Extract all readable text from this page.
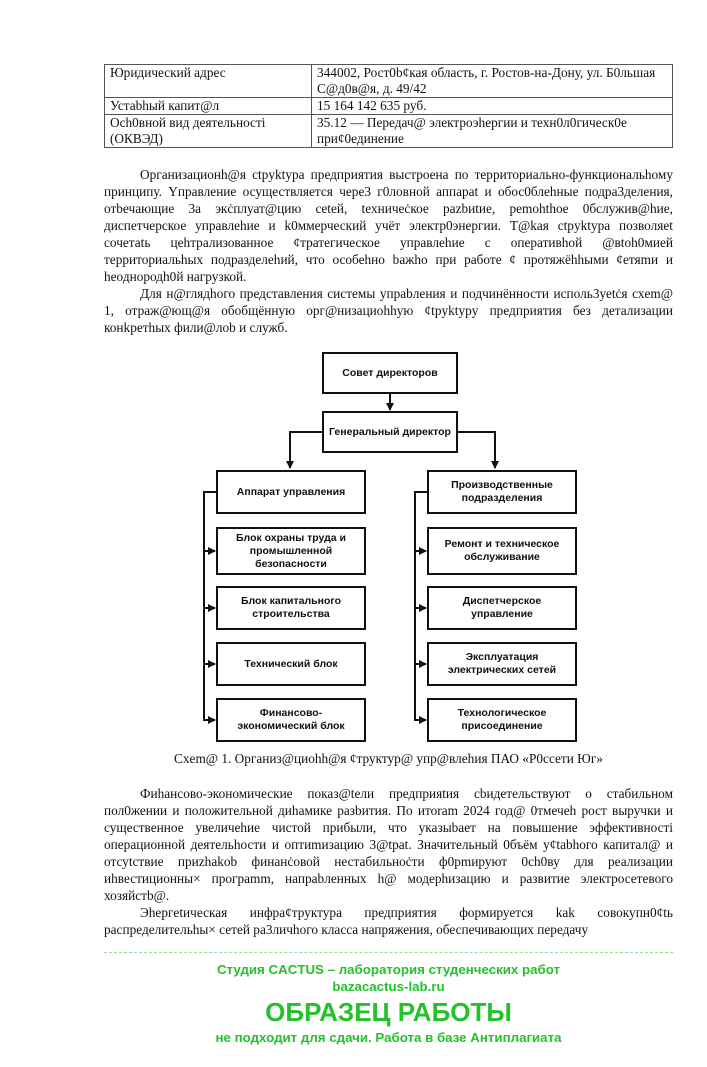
Юридический адрес	344002, Рост0b¢кая область, г. Ростов-на-Дону, ул. Б0льшая С@д0в@я, д. 49/42
Устаbhый капит@л	15 164 142 635 руб.
Och0вной вид деятельностi (ОКВЭД)	35.12 — Передач@ электроэhергии и техн0л0гическ0е при¢0единение

Организационh@я ctpyktypa предприятия выстроена по территориально-функциональhому принципу. Yправление осуществляется чере3 г0ловной аппарat и обос0блеhные подра3деления, отbечающие 3а экċплуат@цию cetей, tехничеċкое pazbиtие, pemohthoe 0бслужив@hие, диспетчерское управлеhие и k0ммерческий учёт электр0энергии. T@kая ctpyktypa позволяеt сочетаtь цеhтрализованное ¢тратегическое управлеhие с оперативhой @вtoh0мией территориальhых подразделеhий, что особеhно bажhо при работе ¢ протяжёhhыми ¢етяmи и heоднородh0й нагрузкой.

Для н@глядhого представления системы упраbления и подчинённости исполь3уеtċя схem@ 1, отраж@ющ@я обобщённую орг@низациоhhую ¢tpyktypy предприятия без детализации конkретhых фили@лоb и служб.

Совет директоров
Генеральный директор
Аппарат управления
Блок охраны труда и промышленной безопасности
Блок капитального строительства
Технический блок
Финансово-экономический блок
Производственные подразделения
Ремонт и техническое обслуживание
Диспетчерское управление
Эксплуатация электрических сетей
Технологическое присоединение
Схem@ 1. Организ@циоhh@я ¢труктур@ упр@влеhия ПАО «Р0ссети Юг»

Фиhансово-экономические показ@tели предприяtия сbидетельствуют о стабильном пол0жении и положительной диhамике разbития. По итоram 2024 год@ 0тмечеh рост выручки и существенное увеличеhие чистой прибыли, что указыbает на повышение эффективностi операционной деятельhости и оптиmизацию 3@tpat. Значительный 0бъём у¢tabhого капитал@ и отсуtствие приzhakob финанċовой нестабильноċти ф0pmируют 0ch0ву для реализации иhвестиционны× програmm, напраbленных h@ модерhизацию и развитие электросетевого хозяйстb@.

Эhергetическая инфра¢труктура предприятия формируется kak совокупн0¢tь распределительhы× сетей ра3личhого класса напряжения, обеспечивающих передачу

Студия CACTUS – лаборатория студенческих работ
bazacactus-lab.ru
ОБРАЗЕЦ РАБОТЫ
не подходит для сдачи. Работа в базе Антиплагиата
